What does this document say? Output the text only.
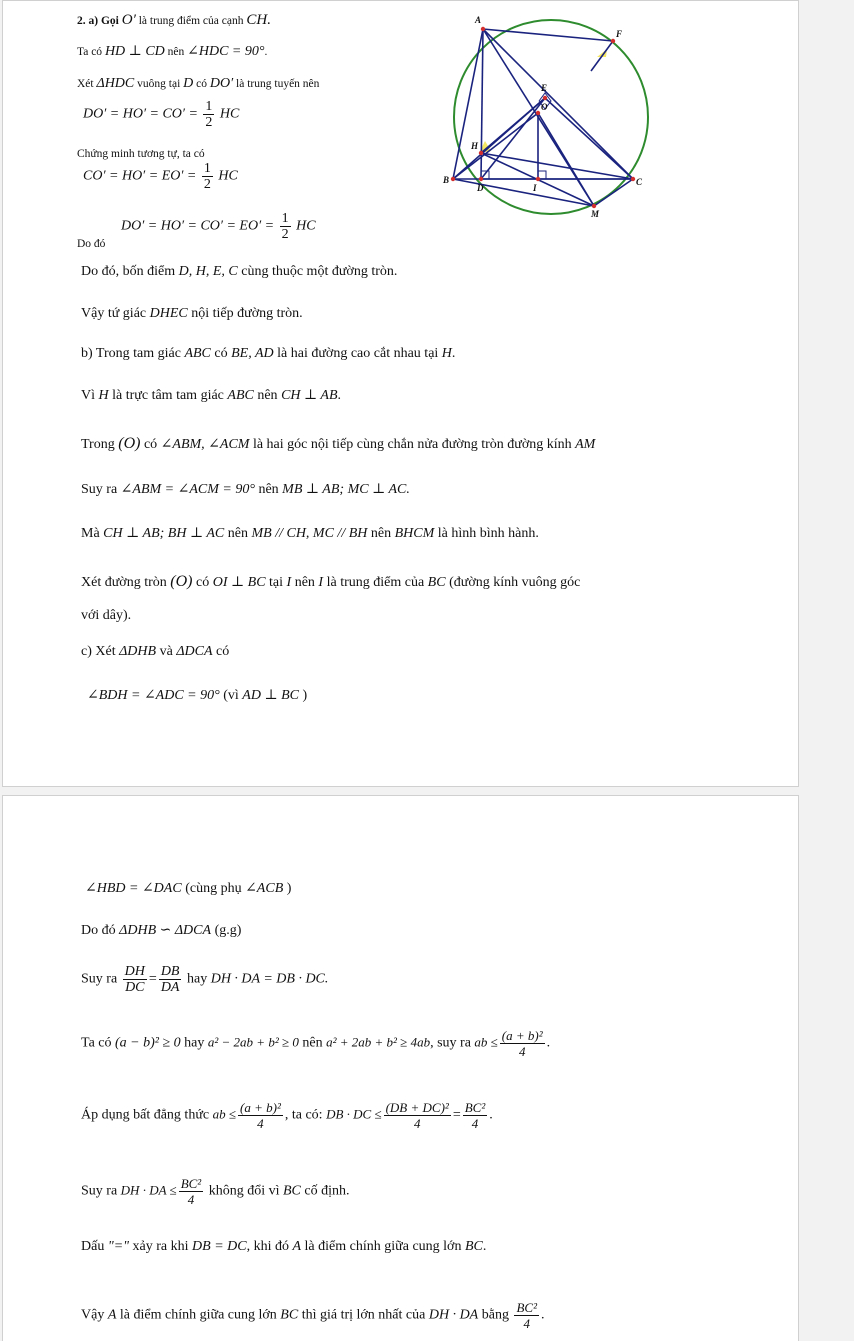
2. a) Gọi O′ là trung điểm của cạnh CH.
Ta có HD ⊥ CD nên ∠HDC = 90°.
Xét ΔHDC vuông tại D có DO′ là trung tuyến nên
$DO' = HO' = CO' = \frac{1}{2}$ HC
Chứng minh tương tự, ta có
$CO' = HO' = EO' = \frac{1}{2}$ HC
Do đó
$DO' = HO' = CO' = EO' = \frac{1}{2}$ HC
Do đó, bốn điểm D, H, E, C cùng thuộc một đường tròn.
Vậy tứ giác DHEC nội tiếp đường tròn.
b) Trong tam giác ABC có BE, AD là hai đường cao cắt nhau tại H.
Vì H là trực tâm tam giác ABC nên CH ⊥ AB.
Trong (O) có ∠ABM, ∠ACM là hai góc nội tiếp cùng chắn nửa đường tròn đường kính AM
Suy ra ∠ABM = ∠ACM = 90° nên MB ⊥ AB; MC ⊥ AC.
Mà CH ⊥ AB; BH ⊥ AC nên MB // CH, MC // BH nên BHCM là hình bình hành.
Xét đường tròn (O) có OI ⊥ BC tại I nên I là trung điểm của BC (đường kính vuông góc
với dây).
c) Xét ΔDHB và ΔDCA có
∠BDH = ∠ADC = 90° (vì AD ⊥ BC )
A
F
E
O
H
B
D	I
C
M
∠HBD = ∠DAC (cùng phụ ∠ACB )
Do đó ΔDHB ∽ ΔDCA (g.g)
Suy ra $\frac{DH}{DC} = \frac{DB}{DA}$ hay DH · DA = DB · DC.
Ta có (a − b)² ≥ 0 hay a² − 2ab + b² ≥ 0 nên a² + 2ab + b² ≥ 4ab, suy ra ab ≤ $\frac{\text{(a + b)²}}{4}$ .
Áp dụng bất đẳng thức ab ≤ $\frac{\text{(a + b)²}}{4}$ , ta có: DB · DC ≤ $\frac{\text{(DB + DC)²}}{4} = \frac{\text{BC²}}{4}$ .
Suy ra DH · DA ≤ $\frac{\text{BC²}}{4}$ không đổi vì BC cố định.
Dấu "=" xảy ra khi DB = DC, khi đó A là điểm chính giữa cung lớn BC.
Vậy A là điểm chính giữa cung lớn BC thì giá trị lớn nhất của DH · DA bằng $\frac{\text{BC²}}{4}$ .
